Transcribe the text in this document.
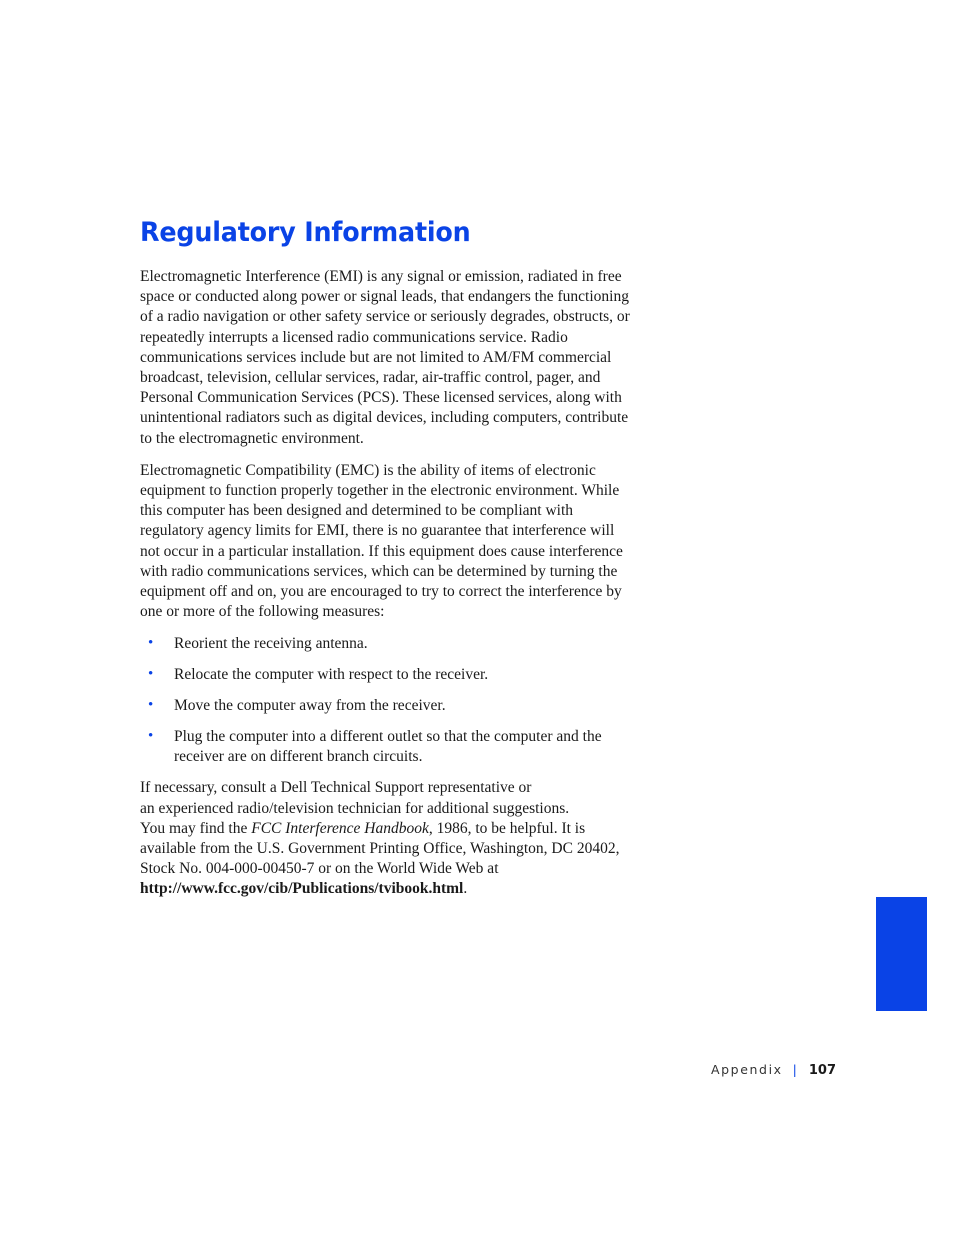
Regulatory Information

Electromagnetic Interference (EMI) is any signal or emission, radiated in free space or conducted along power or signal leads, that endangers the functioning of a radio navigation or other safety service or seriously degrades, obstructs, or repeatedly interrupts a licensed radio communications service. Radio communications services include but are not limited to AM/FM commercial broadcast, television, cellular services, radar, air-traffic control, pager, and Personal Communication Services (PCS). These licensed services, along with unintentional radiators such as digital devices, including computers, contribute to the electromagnetic environment.

Electromagnetic Compatibility (EMC) is the ability of items of electronic equipment to function properly together in the electronic environment. While this computer has been designed and determined to be compliant with regulatory agency limits for EMI, there is no guarantee that interference will not occur in a particular installation. If this equipment does cause interference with radio communications services, which can be determined by turning the equipment off and on, you are encouraged to try to correct the interference by one or more of the following measures:

• Reorient the receiving antenna.
• Relocate the computer with respect to the receiver.
• Move the computer away from the receiver.
• Plug the computer into a different outlet so that the computer and the receiver are on different branch circuits.

If necessary, consult a Dell Technical Support representative or
an experienced radio/television technician for additional suggestions.
You may find the FCC Interference Handbook, 1986, to be helpful. It is available from the U.S. Government Printing Office, Washington, DC 20402, Stock No. 004-000-00450-7 or on the World Wide Web at http://www.fcc.gov/cib/Publications/tvibook.html.

Appendix | 107
